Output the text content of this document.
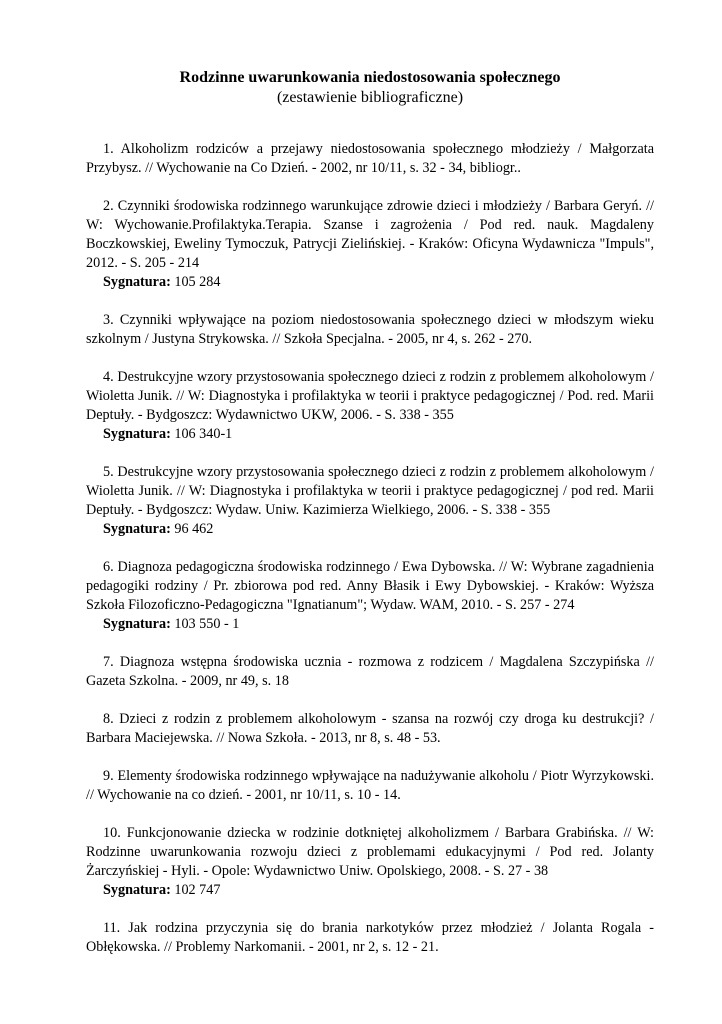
Rodzinne uwarunkowania niedostosowania społecznego

(zestawienie bibliograficzne)

1. Alkoholizm rodziców a przejawy niedostosowania społecznego młodzieży / Małgorzata Przybysz. // Wychowanie na Co Dzień. - 2002, nr 10/11, s. 32 - 34, bibliogr..
2. Czynniki środowiska rodzinnego warunkujące zdrowie dzieci i młodzieży / Barbara Geryń. // W: Wychowanie.Profilaktyka.Terapia. Szanse i zagrożenia / Pod red. nauk. Magdaleny Boczkowskiej, Eweliny Tymoczuk, Patrycji Zielińskiej. - Kraków: Oficyna Wydawnicza "Impuls", 2012. - S. 205 - 214
Sygnatura: 105 284
3. Czynniki wpływające na poziom niedostosowania społecznego dzieci w młodszym wieku szkolnym / Justyna Strykowska. // Szkoła Specjalna. - 2005, nr 4, s. 262 - 270.
4. Destrukcyjne wzory przystosowania społecznego dzieci z rodzin z problemem alkoholowym / Wioletta Junik. // W: Diagnostyka i profilaktyka w teorii i praktyce pedagogicznej / Pod. red. Marii Deptuły. - Bydgoszcz: Wydawnictwo UKW, 2006. - S. 338 - 355
Sygnatura: 106 340-1
5. Destrukcyjne wzory przystosowania społecznego dzieci z rodzin z problemem alkoholowym / Wioletta Junik. // W: Diagnostyka i profilaktyka w teorii i praktyce pedagogicznej / pod red. Marii Deptuły. - Bydgoszcz: Wydaw. Uniw. Kazimierza Wielkiego, 2006. - S. 338 - 355
Sygnatura: 96 462
6. Diagnoza pedagogiczna środowiska rodzinnego / Ewa Dybowska. // W: Wybrane zagadnienia pedagogiki rodziny / Pr. zbiorowa pod red. Anny Błasik i Ewy Dybowskiej. - Kraków: Wyższa Szkoła Filozoficzno-Pedagogiczna "Ignatianum"; Wydaw. WAM, 2010. - S. 257 - 274
Sygnatura: 103 550 - 1
7. Diagnoza wstępna środowiska ucznia - rozmowa z rodzicem / Magdalena Szczypińska // Gazeta Szkolna. - 2009, nr 49, s. 18
8. Dzieci z rodzin z problemem alkoholowym - szansa na rozwój czy droga ku destrukcji? / Barbara Maciejewska. // Nowa Szkoła. - 2013, nr 8, s. 48 - 53.
9. Elementy środowiska rodzinnego wpływające na nadużywanie alkoholu / Piotr Wyrzykowski. // Wychowanie na co dzień. - 2001, nr 10/11, s. 10 - 14.
10. Funkcjonowanie dziecka w rodzinie dotkniętej alkoholizmem / Barbara Grabińska. // W: Rodzinne uwarunkowania rozwoju dzieci z problemami edukacyjnymi / Pod red. Jolanty Żarczyńskiej - Hyli. - Opole: Wydawnictwo Uniw. Opolskiego, 2008. - S. 27 - 38
Sygnatura: 102 747
11. Jak rodzina przyczynia się do brania narkotyków przez młodzież / Jolanta Rogala - Obłękowska. // Problemy Narkomanii. - 2001, nr 2, s. 12 - 21.
